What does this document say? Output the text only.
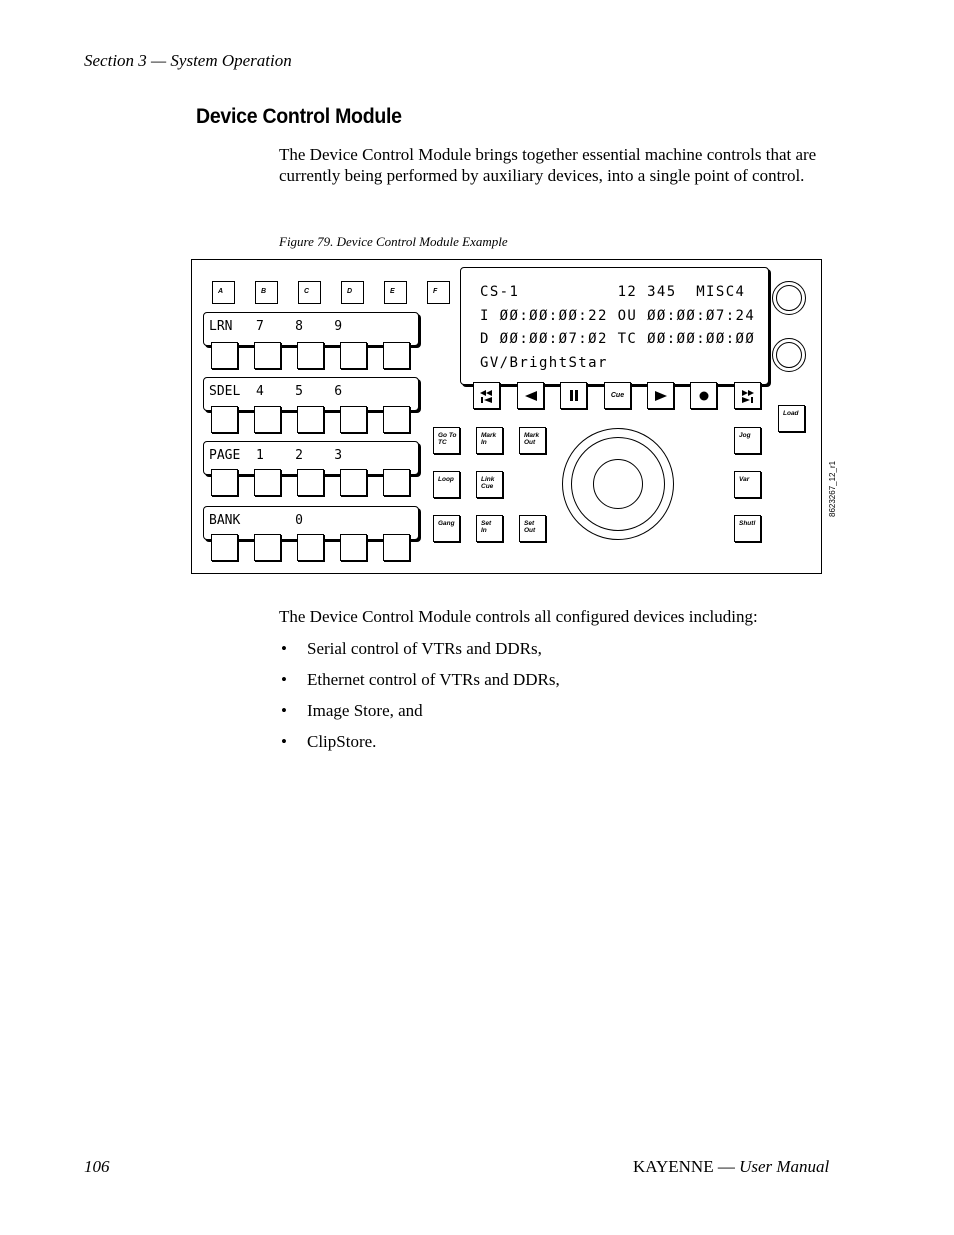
Section 3 — System Operation
Device Control Module
The Device Control Module brings together essential machine controls that are currently being performed by auxiliary devices, into a single point of control.
Figure 79. Device Control Module Example
A	B	C	D	E	F
LRN   7    8    9
SDEL  4    5    6
PAGE  1    2    3
BANK       0
CS-1          12 345  MISC4
I ØØ:ØØ:ØØ:22 OU ØØ:ØØ:Ø7:24
D ØØ:ØØ:Ø7:Ø2 TC ØØ:ØØ:ØØ:ØØ
GV/BrightStar
Cue
Load
Go To
TC
Mark
In
Mark
Out
Loop	Link
Cue
Gang	Set
In
Set
Out
Jog
Var
Shutl
8623267_12_r1
The Device Control Module controls all configured devices including:
• Serial control of VTRs and DDRs,
• Ethernet control of VTRs and DDRs,
• Image Store, and
• ClipStore.
106	KAYENNE — User Manual
